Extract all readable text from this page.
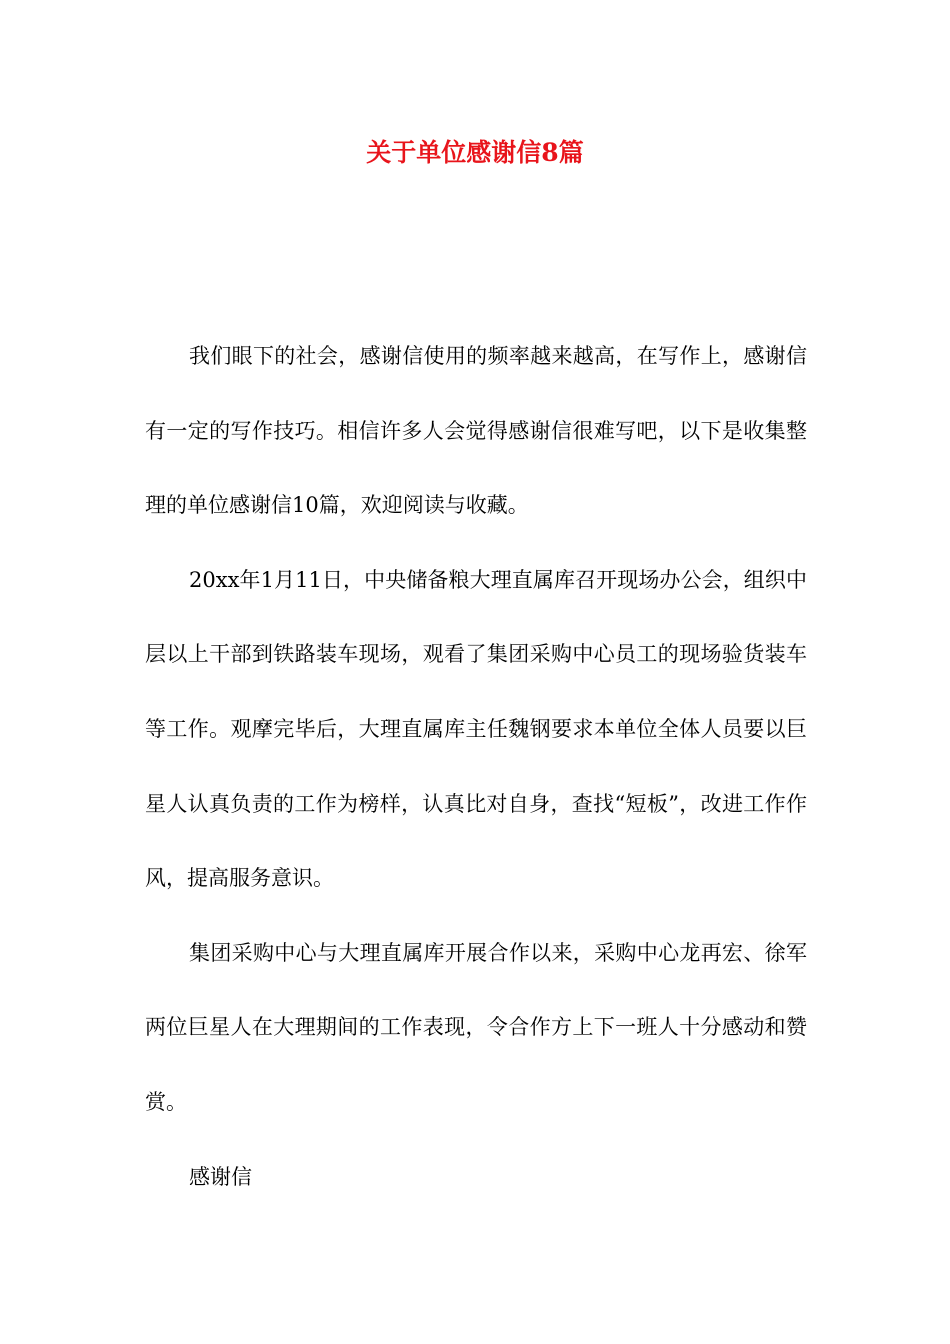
关于单位感谢信8篇

我们眼下的社会，感谢信使用的频率越来越高，在写作上，感谢信有一定的写作技巧。相信许多人会觉得感谢信很难写吧，以下是收集整理的单位感谢信10篇，欢迎阅读与收藏。

20xx年1月11日，中央储备粮大理直属库召开现场办公会，组织中层以上干部到铁路装车现场，观看了集团采购中心员工的现场验货装车等工作。观摩完毕后，大理直属库主任魏钢要求本单位全体人员要以巨星人认真负责的工作为榜样，认真比对自身，查找“短板”，改进工作作风，提高服务意识。

集团采购中心与大理直属库开展合作以来，采购中心龙再宏、徐军两位巨星人在大理期间的工作表现，令合作方上下一班人十分感动和赞赏。

感谢信
